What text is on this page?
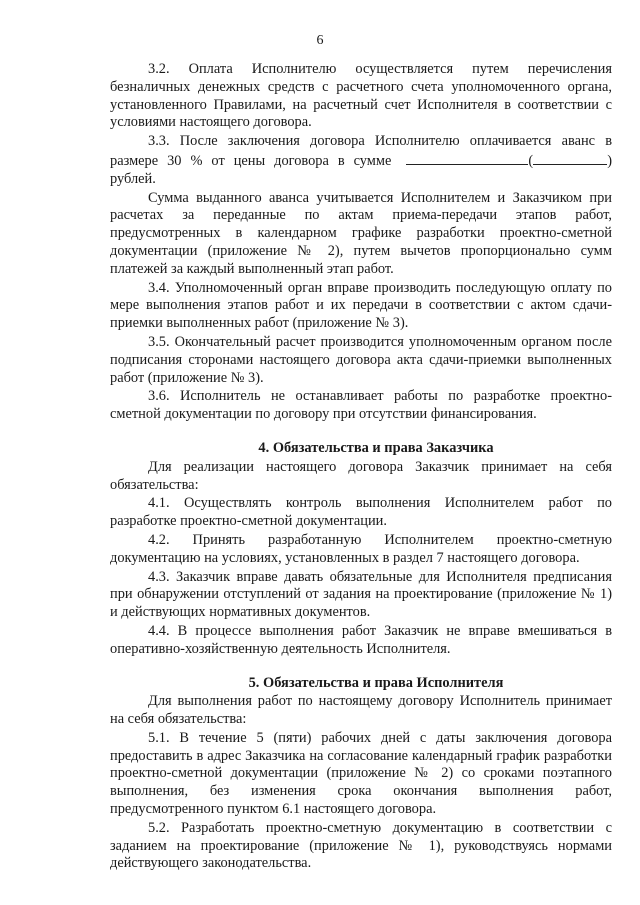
6

3.2. Оплата Исполнителю осуществляется путем перечисления безналичных денежных средств с расчетного счета уполномоченного органа, установленного Правилами, на расчетный счет Исполнителя в соответствии с условиями настоящего договора.

3.3. После заключения договора Исполнителю оплачивается аванс в размере 30 % от цены договора в сумме	(	) рублей.

Сумма выданного аванса учитывается Исполнителем и Заказчиком при расчетах за переданные по актам приема-передачи этапов работ, предусмотренных в календарном графике разработки проектно-сметной документации (приложение № 2), путем вычетов пропорционально сумм платежей за каждый выполненный этап работ.

3.4. Уполномоченный орган вправе производить последующую оплату по мере выполнения этапов работ и их передачи в соответствии с актом сдачи-приемки выполненных работ (приложение № 3).

3.5. Окончательный расчет производится уполномоченным органом после подписания сторонами настоящего договора акта сдачи-приемки выполненных работ (приложение № 3).

3.6. Исполнитель не останавливает работы по разработке проектно-сметной документации по договору при отсутствии финансирования.

4. Обязательства и права Заказчика

Для реализации настоящего договора Заказчик принимает на себя обязательства:

4.1. Осуществлять контроль выполнения Исполнителем работ по разработке проектно-сметной документации.

4.2. Принять разработанную Исполнителем проектно-сметную документацию на условиях, установленных в раздел 7 настоящего договора.

4.3. Заказчик вправе давать обязательные для Исполнителя предписания при обнаружении отступлений от задания на проектирование (приложение № 1) и действующих нормативных документов.

4.4. В процессе выполнения работ Заказчик не вправе вмешиваться в оперативно-хозяйственную деятельность Исполнителя.

5. Обязательства и права Исполнителя

Для выполнения работ по настоящему договору Исполнитель принимает на себя обязательства:

5.1. В течение 5 (пяти) рабочих дней с даты заключения договора предоставить в адрес Заказчика на согласование календарный график разработки проектно-сметной документации (приложение № 2) со сроками поэтапного выполнения, без изменения срока окончания выполнения работ, предусмотренного пунктом 6.1 настоящего договора.

5.2. Разработать проектно-сметную документацию в соответствии с заданием на проектирование (приложение № 1), руководствуясь нормами действующего законодательства.
